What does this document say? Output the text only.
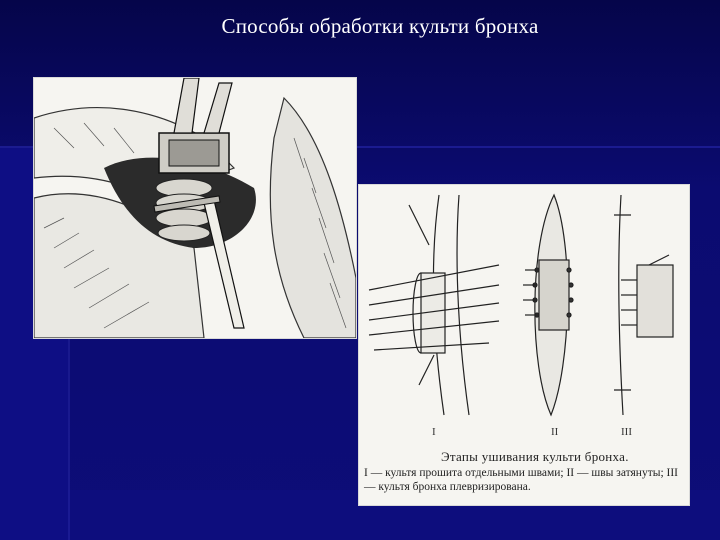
Способы обработки культи бронха
I	II	III
Этапы ушивания культи бронха.
I — культя прошита отдельными швами; II — швы затянуты; III — культя бронха плевризирована.
